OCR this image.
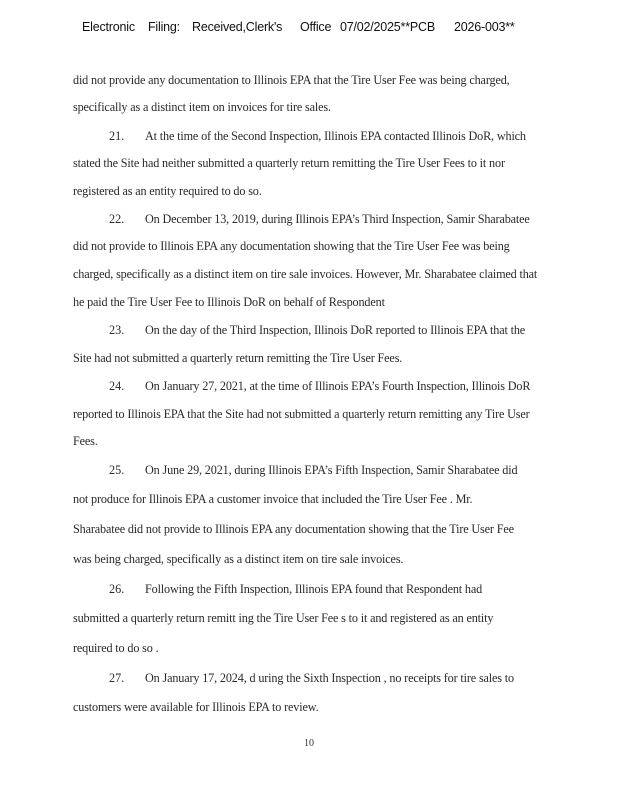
Electronic Filing: Received,Clerk's Office 07/02/2025**PCB 2026-003**
did not provide any documentation to Illinois EPA that the Tire User Fee was being charged,
specifically as a distinct item on invoices for tire sales.
21. At the time of the Second Inspection, Illinois EPA contacted Illinois DoR, which
stated the Site had neither submitted a quarterly return remitting the Tire User Fees to it nor
registered as an entity required to do so.
22. On December 13, 2019, during Illinois EPA’s Third Inspection, Samir Sharabatee
did not provide to Illinois EPA any documentation showing that the Tire User Fee was being
charged, specifically as a distinct item on tire sale invoices. However, Mr. Sharabatee claimed that
he paid the Tire User Fee to Illinois DoR on behalf of Respondent
23. On the day of the Third Inspection, Illinois DoR reported to Illinois EPA that the
Site had not submitted a quarterly return remitting the Tire User Fees.
24. On January 27, 2021, at the time of Illinois EPA’s Fourth Inspection, Illinois DoR
reported to Illinois EPA that the Site had not submitted a quarterly return remitting any Tire User
Fees.
25. On June 29, 2021, during Illinois EPA’s Fifth Inspection, Samir Sharabatee did
not produce for Illinois EPA a customer invoice that included the Tire User Fee . Mr.
Sharabatee did not provide to Illinois EPA any documentation showing that the Tire User Fee
was being charged, specifically as a distinct item on tire sale invoices.
26. Following the Fifth Inspection, Illinois EPA found that Respondent had
submitted a quarterly return remitt ing the Tire User Fee s to it and registered as an entity
required to do so .
27. On January 17, 2024, d uring the Sixth Inspection , no receipts for tire sales to
customers were available for Illinois EPA to review.
10
